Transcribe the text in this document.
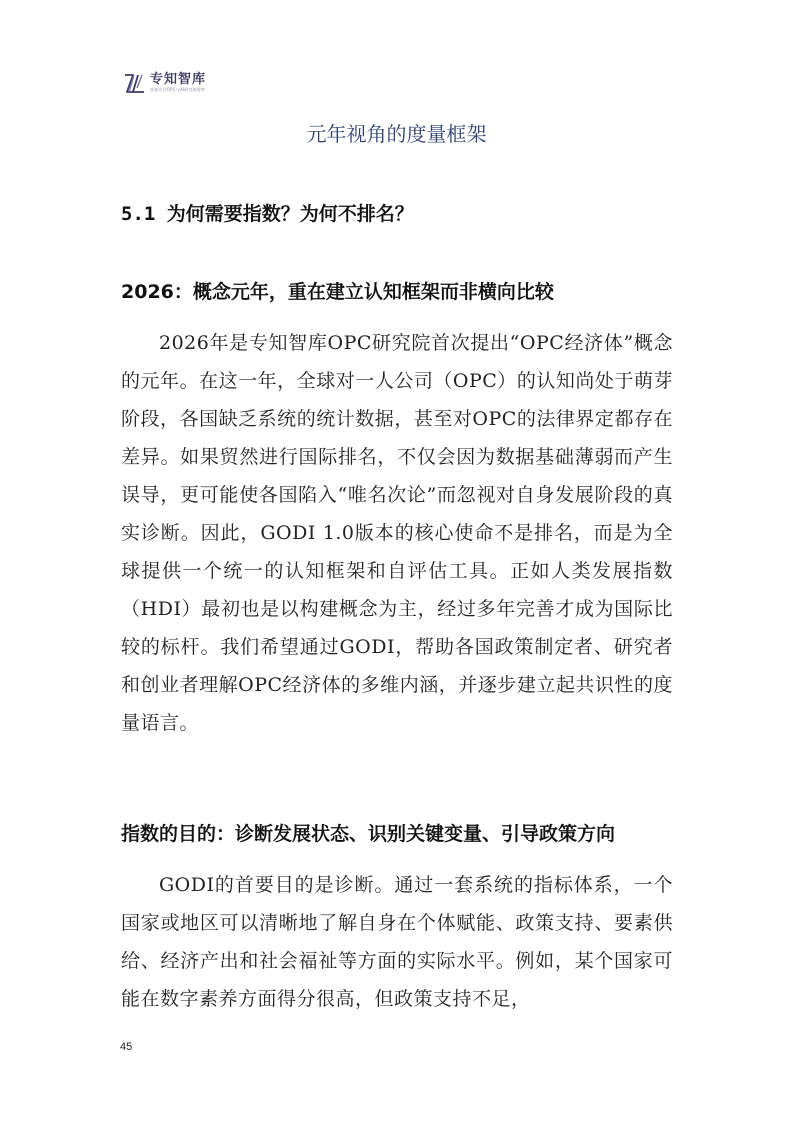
专知智库
首家专注OPC与AI研究的智库
元年视角的度量框架
5.1 为何需要指数？为何不排名？
2026：概念元年，重在建立认知框架而非横向比较

2026年是专知智库OPC研究院首次提出“OPC经济体”概念的元年。在这一年，全球对一人公司（OPC）的认知尚处于萌芽阶段，各国缺乏系统的统计数据，甚至对OPC的法律界定都存在差异。如果贸然进行国际排名，不仅会因为数据基础薄弱而产生误导，更可能使各国陷入“唯名次论”而忽视对自身发展阶段的真实诊断。因此，GODI 1.0版本的核心使命不是排名，而是为全球提供一个统一的认知框架和自评估工具。正如人类发展指数（HDI）最初也是以构建概念为主，经过多年完善才成为国际比较的标杆。我们希望通过GODI，帮助各国政策制定者、研究者和创业者理解OPC经济体的多维内涵，并逐步建立起共识性的度量语言。

指数的目的：诊断发展状态、识别关键变量、引导政策方向

GODI的首要目的是诊断。通过一套系统的指标体系，一个国家或地区可以清晰地了解自身在个体赋能、政策支持、要素供给、经济产出和社会福祉等方面的实际水平。例如，某个国家可能在数字素养方面得分很高，但政策支持不足，

45
